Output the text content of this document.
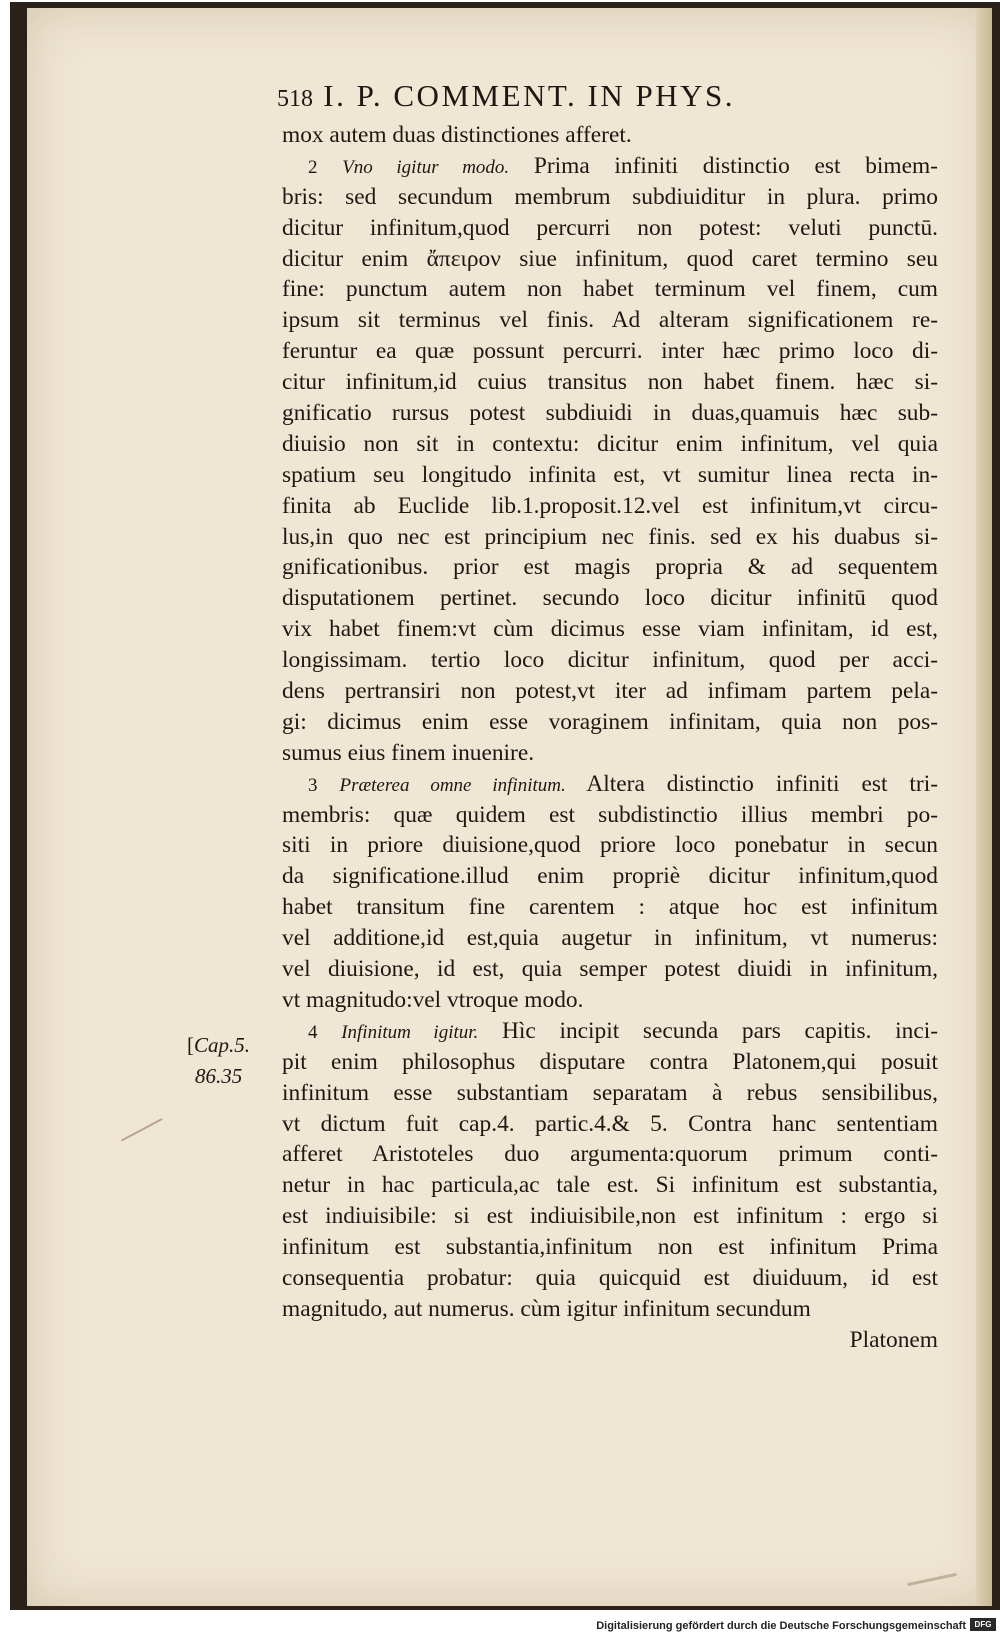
518 I. P. COMMENT. IN PHYS.
[Cap.5.
86.35
mox autem duas distinctiones afferet.
2 Vno igitur modo. Prima infiniti distinctio est bimem-
bris: sed secundum membrum subdiuiditur in plura. primo
dicitur infinitum,quod percurri non potest: veluti punctū.
dicitur enim ἄπειρον siue infinitum, quod caret termino seu
fine: punctum autem non habet terminum vel finem, cum
ipsum sit terminus vel finis. Ad alteram significationem re-
feruntur ea quæ possunt percurri. inter hæc primo loco di-
citur infinitum,id cuius transitus non habet finem. hæc si-
gnificatio rursus potest subdiuidi in duas,quamuis hæc sub-
diuisio non sit in contextu: dicitur enim infinitum, vel quia
spatium seu longitudo infinita est, vt sumitur linea recta in-
finita ab Euclide lib.1.proposit.12.vel est infinitum,vt circu-
lus,in quo nec est principium nec finis. sed ex his duabus si-
gnificationibus. prior est magis propria & ad sequentem
disputationem pertinet. secundo loco dicitur infinitū quod
vix habet finem:vt cùm dicimus esse viam infinitam, id est,
longissimam. tertio loco dicitur infinitum, quod per acci-
dens pertransiri non potest,vt iter ad infimam partem pela-
gi: dicimus enim esse voraginem infinitam, quia non pos-
sumus eius finem inuenire.
3 Præterea omne infinitum. Altera distinctio infiniti est tri-
membris: quæ quidem est subdistinctio illius membri po-
siti in priore diuisione,quod priore loco ponebatur in secun
da significatione.illud enim propriè dicitur infinitum,quod
habet transitum fine carentem : atque hoc est infinitum
vel additione,id est,quia augetur in infinitum, vt numerus:
vel diuisione, id est, quia semper potest diuidi in infinitum,
vt magnitudo:vel vtroque modo.
4 Infinitum igitur. Hìc incipit secunda pars capitis. inci-
pit enim philosophus disputare contra Platonem,qui posuit
infinitum esse substantiam separatam à rebus sensibilibus,
vt dictum fuit cap.4. partic.4.& 5. Contra hanc sententiam
afferet Aristoteles duo argumenta:quorum primum conti-
netur in hac particula,ac tale est. Si infinitum est substantia,
est indiuisibile: si est indiuisibile,non est infinitum : ergo si
infinitum est substantia,infinitum non est infinitum Prima
consequentia probatur: quia quicquid est diuiduum, id est
magnitudo, aut numerus. cùm igitur infinitum secundum
Platonem
Digitalisierung gefördert durch die Deutsche Forschungsgemeinschaft	DFG
